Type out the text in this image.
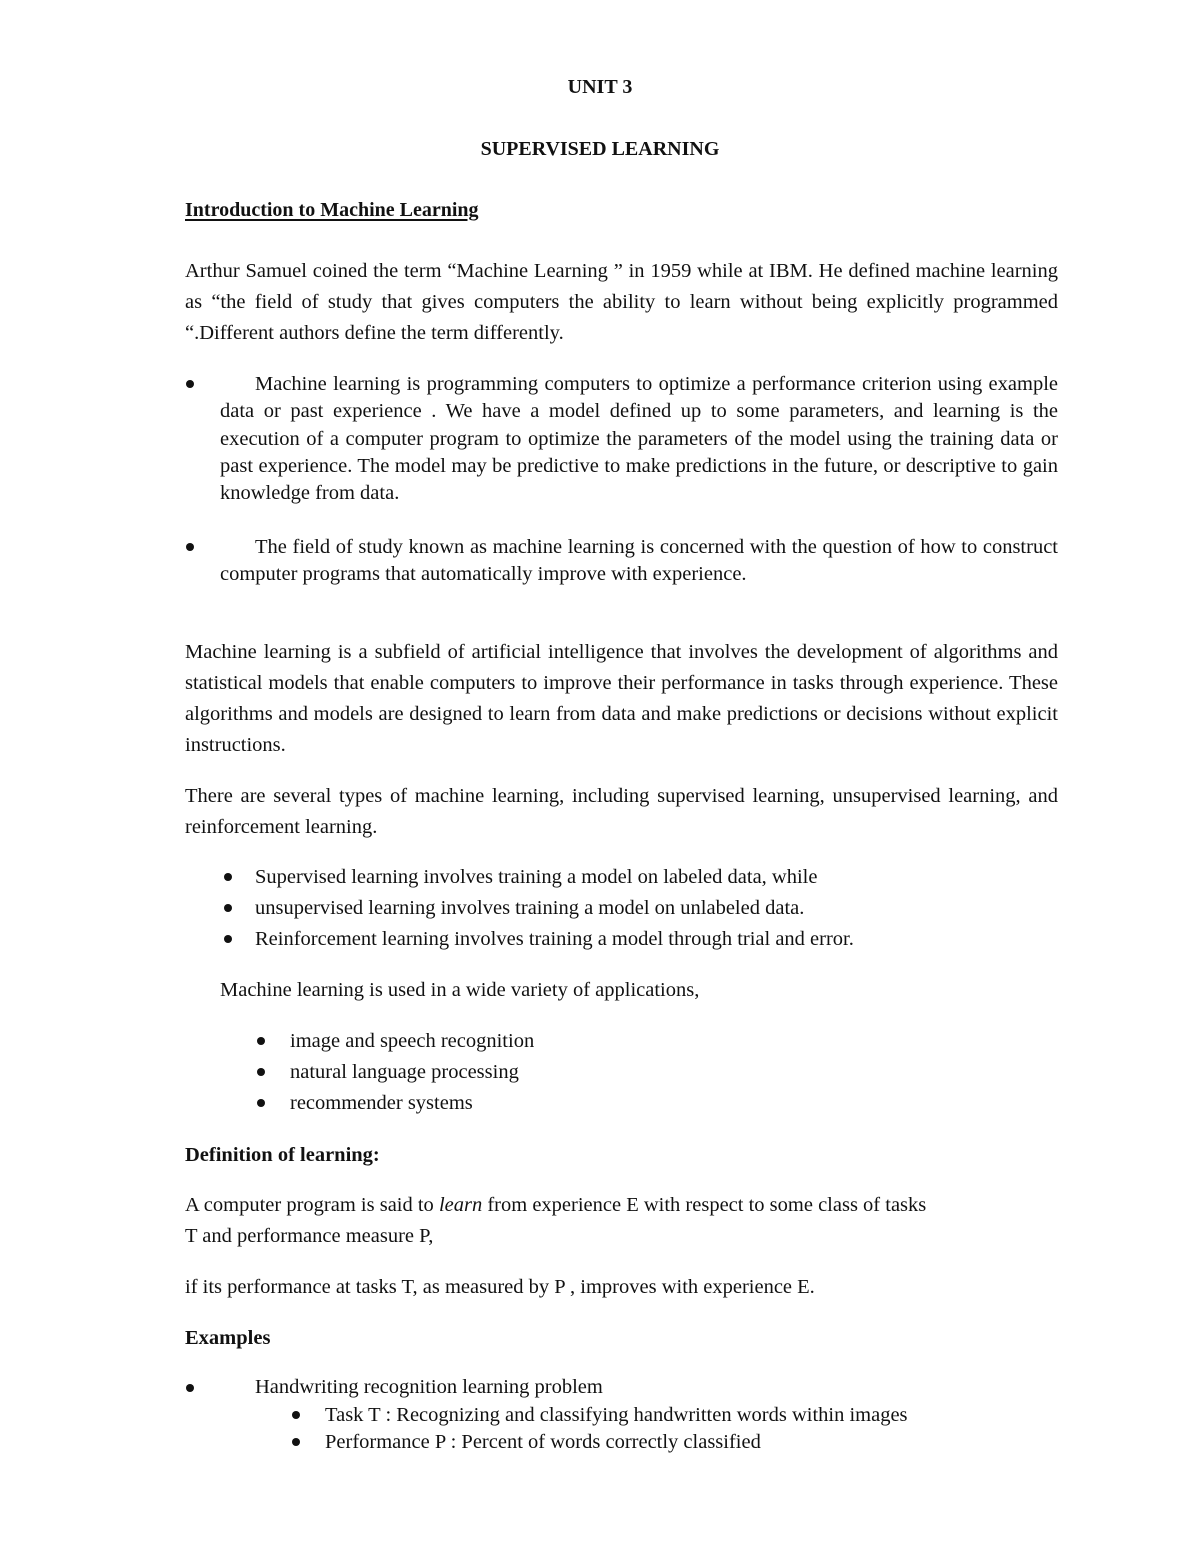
UNIT 3

SUPERVISED LEARNING

Introduction to Machine Learning

Arthur Samuel coined the term “Machine Learning ” in 1959 while at IBM. He defined machine learning as “the field of study that gives computers the ability to learn without being explicitly programmed “.Different authors define the term differently.

Machine learning is programming computers to optimize a performance criterion using example data or past experience . We have a model defined up to some parameters, and learning is the execution of a computer program to optimize the parameters of the model using the training data or past experience. The model may be predictive to make predictions in the future, or descriptive to gain knowledge from data.

The field of study known as machine learning is concerned with the question of how to construct computer programs that automatically improve with experience.

Machine learning is a subfield of artificial intelligence that involves the development of algorithms and statistical models that enable computers to improve their performance in tasks through experience. These algorithms and models are designed to learn from data and make predictions or decisions without explicit instructions.

There are several types of machine learning, including supervised learning, unsupervised learning, and reinforcement learning.

Supervised learning involves training a model on labeled data, while

unsupervised learning involves training a model on unlabeled data.

Reinforcement learning involves training a model through trial and error.

Machine learning is used in a wide variety of applications,

image and speech recognition

natural language processing

recommender systems

Definition of learning:

A computer program is said to learn from experience E with respect to some class of tasks

T and performance measure P,

if its performance at tasks T, as measured by P , improves with experience E.

Examples

Handwriting recognition learning problem

Task T : Recognizing and classifying handwritten words within images

Performance P : Percent of words correctly classified
